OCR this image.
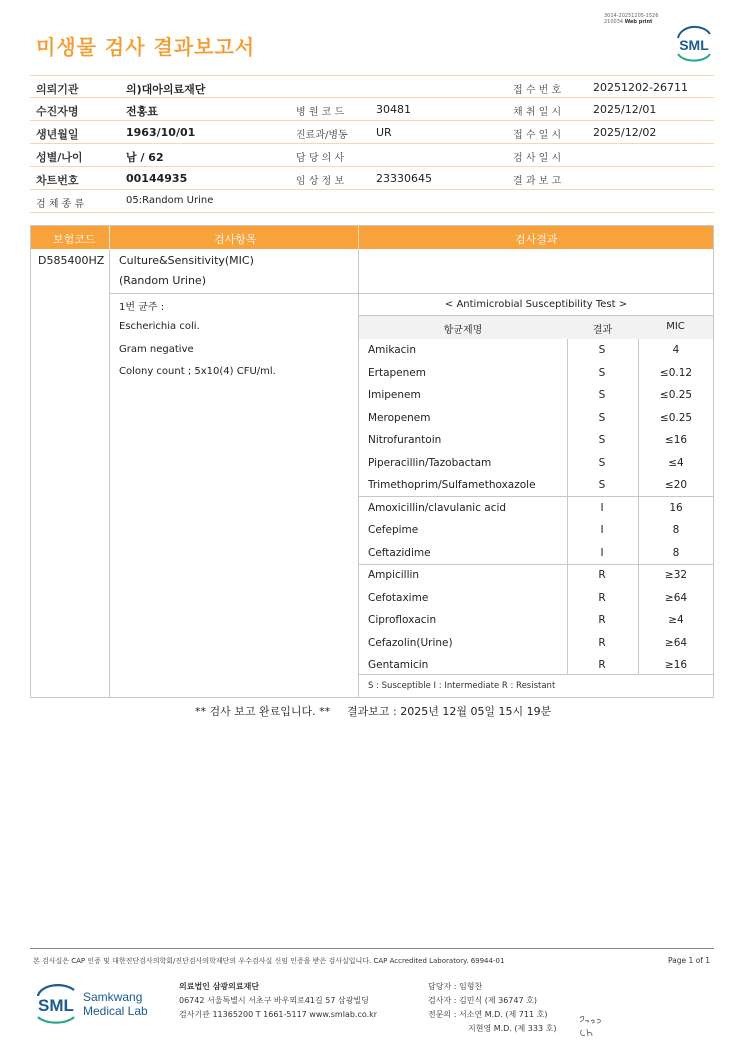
3014-20251205-1526
210034 Web print
미생물 검사 결과보고서	SML
의뢰기관	의)대아의료재단	접 수 번 호	20251202-26711
수진자명	전홍표	병 원 코 드	30481	채 취 일 시	2025/12/01
생년월일	1963/10/01	진료과/병동	UR	접 수 일 시	2025/12/02
성별/나이	남 / 62	담 당 의 사	검 사 일 시
차트번호	00144935	임 상 정 보	23330645	결 과 보 고
검 체 종 류	05:Random Urine
보험코드	검사항목	검사결과
D585400HZ Culture&Sensitivity(MIC)
(Random Urine)
1번 균주 :
Escherichia coli.
Gram negative
Colony count ; 5x10(4) CFU/ml.
< Antimicrobial Susceptibility Test >
항균제명	결과	MIC
Amikacin	S	4
Ertapenem	S	≤0.12
Imipenem	S	≤0.25
Meropenem	S	≤0.25
Nitrofurantoin	S	≤16
Piperacillin/Tazobactam	S	≤4
Trimethoprim/Sulfamethoxazole	S	≤20
Amoxicillin/clavulanic acid	I	16
Cefepime	I	8
Ceftazidime	I	8
Ampicillin	R	≥32
Cefotaxime	R	≥64
Ciprofloxacin	R	≥4
Cefazolin(Urine)	R	≥64
Gentamicin	R	≥16
S : Susceptible I : Intermediate R : Resistant
** 검사 보고 완료입니다. ** 결과보고 : 2025년 12월 05일 15시 19분
본 검사실은 CAP 인증 및 대한진단검사의학회/진단검사의학재단의 우수검사실 신임 인증을 받은 검사실입니다. CAP Accredited Laboratory. 69944-01	Page 1 of 1
SML Samkwang
Medical Lab
의료법인 삼광의료재단
06742 서울특별시 서초구 바우뫼로41길 57 삼광빌딩
검사기관 11365200 T 1661-5117 www.smlab.co.kr
담당자 : 임형찬
검사자 : 김민식 (제 36747 호)
전문의 : 서소연 M.D. (제 711 호)
지현영 M.D. (제 333 호)
